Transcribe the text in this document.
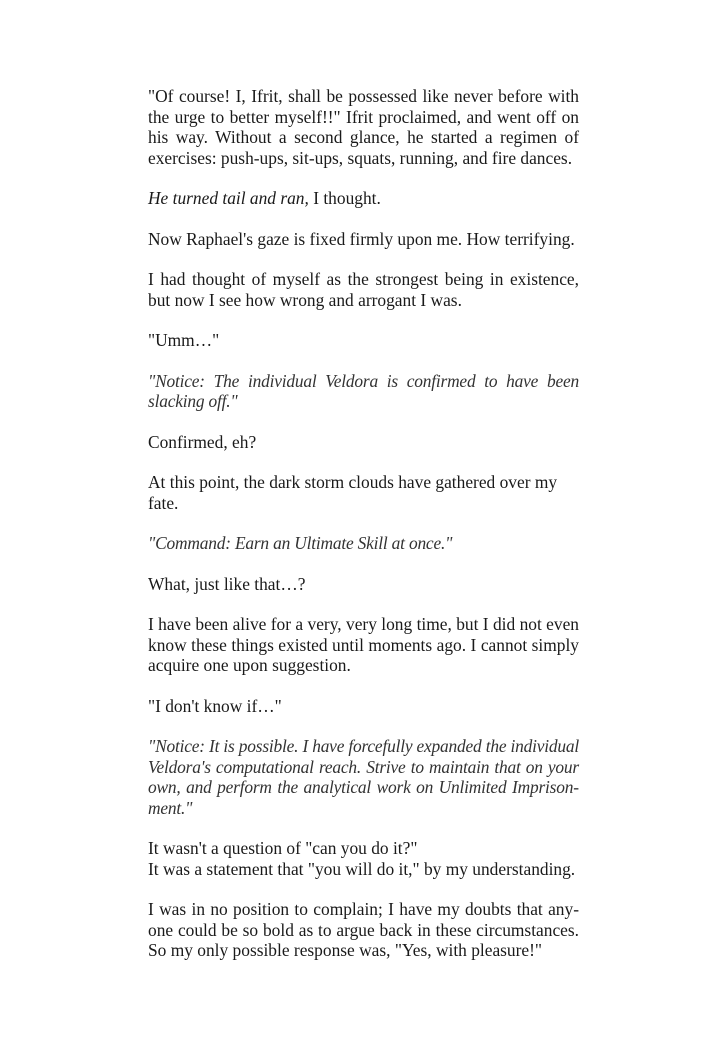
"Of course! I, Ifrit, shall be possessed like never before with the urge to better myself!!" Ifrit proclaimed, and went off on his way. Without a second glance, he started a regimen of exercises: push-ups, sit-ups, squats, running, and fire dances.

He turned tail and ran, I thought.

Now Raphael's gaze is fixed firmly upon me. How terrifying.

I had thought of myself as the strongest being in existence, but now I see how wrong and arrogant I was.

"Umm…"

"Notice: The individual Veldora is confirmed to have been slacking off."

Confirmed, eh?

At this point, the dark storm clouds have gathered over my fate.

"Command: Earn an Ultimate Skill at once."

What, just like that…?

I have been alive for a very, very long time, but I did not even know these things existed until moments ago. I cannot simply acquire one upon suggestion.

"I don't know if…"

"Notice: It is possible. I have forcefully expanded the individual Veldora's computational reach. Strive to maintain that on your own, and perform the analytical work on Unlimited Imprisonment."

It wasn't a question of "can you do it?"
It was a statement that "you will do it," by my understanding.

I was in no position to complain; I have my doubts that anyone could be so bold as to argue back in these circumstances. So my only possible response was, "Yes, with pleasure!"
